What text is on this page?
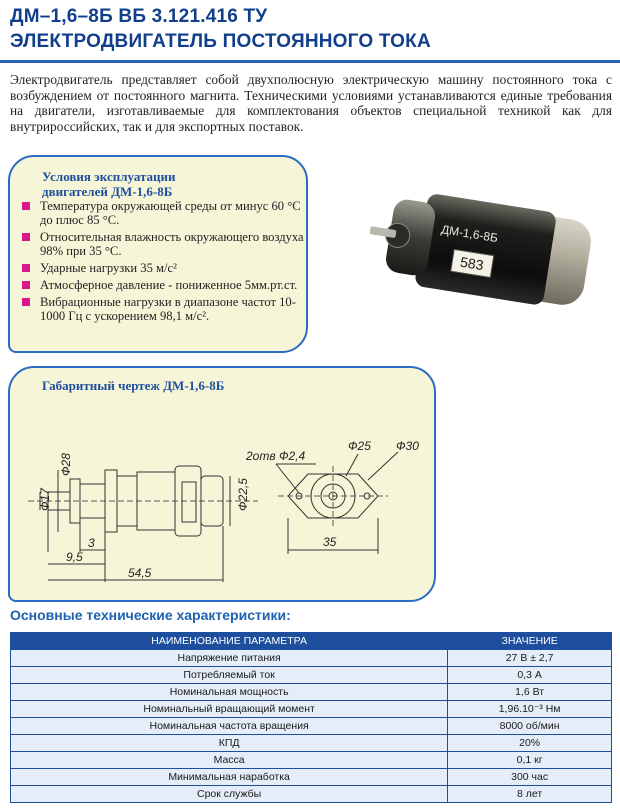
ДМ–1,6–8Б ВБ 3.121.416 ТУ
ЭЛЕКТРОДВИГАТЕЛЬ ПОСТОЯННОГО ТОКА

Электродвигатель представляет собой двухполюсную электрическую машину постоянного тока с возбуждением от постоянного магнита. Техническими условиями устанавливаются единые требования на двигатели, изготавливаемые для комплектования объектов специальной техникой как для внутрироссийских, так и для экспортных поставок.

Условия эксплуатации
двигателей ДМ-1,6-8Б
Температура окружающей среды от минус 60 °С до плюс 85 °С.
Относительная влажность окружающего воздуха 98% при 35 °С.
Ударные нагрузки 35 м/с²
Атмосферное давление - пониженное 5мм.рт.ст.
Вибрационные нагрузки в диапазоне частот 10-1000 Гц с ускорением 98,1 м/с².
ДМ-1,6-8Б
583
Габаритный чертеж ДМ-1,6-8Б
Ф17
Ф28
Ф22,5
3
9,5
54,5
2отв Ф2,4
Ф25 Ф30
35
Основные технические характеристики:
НАИМЕНОВАНИЕ ПАРАМЕТРА	ЗНАЧЕНИЕ
Напряжение питания	27 В ± 2,7
Потребляемый ток	0,3 А
Номинальная мощность	1,6 Вт
Номинальный вращающий момент	1,96.10⁻³ Нм
Номинальная частота вращения	8000 об/мин
КПД	20%
Масса	0,1 кг
Минимальная наработка	300 час
Срок службы	8 лет
